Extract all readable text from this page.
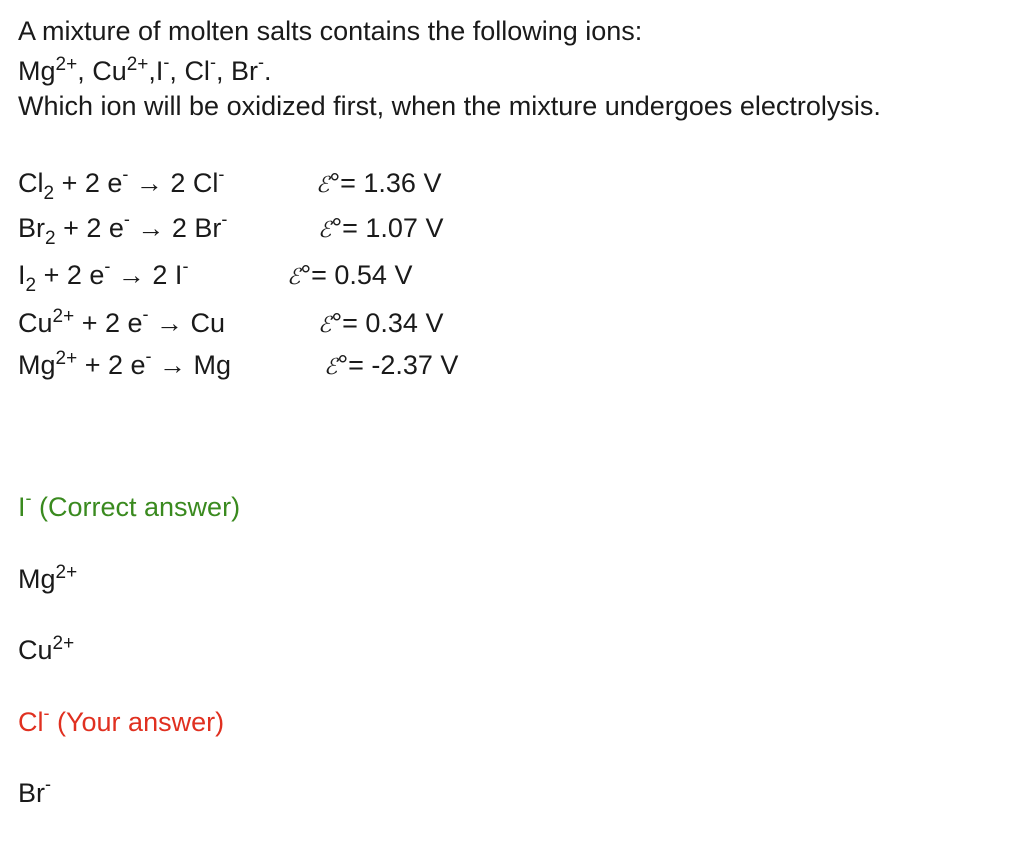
A mixture of molten salts contains the following ions:
$Mg^{2+}$, $Cu^{2+},I^-$, Cl-, Br-.
Which ion will be oxidized first, when the mixture undergoes electrolysis.
$Cl_2 + 2$ e- → 2 Cl-	ℰ°= 1.36 V
$Br_2 + 2$ e- → 2 Br-	ℰ°= 1.07 V
$I_2 + 2$ e- → 2 I-	ℰ°= 0.54 V
$Cu^{2+} + 2$ e- → Cu	ℰ°= 0.34 V
$Mg^{2+} + 2$ e- → Mg	ℰ°= -2.37 V
I- (Correct answer)
$Mg^{2+}$
$Cu^{2+}$
Cl- (Your answer)
Br-
